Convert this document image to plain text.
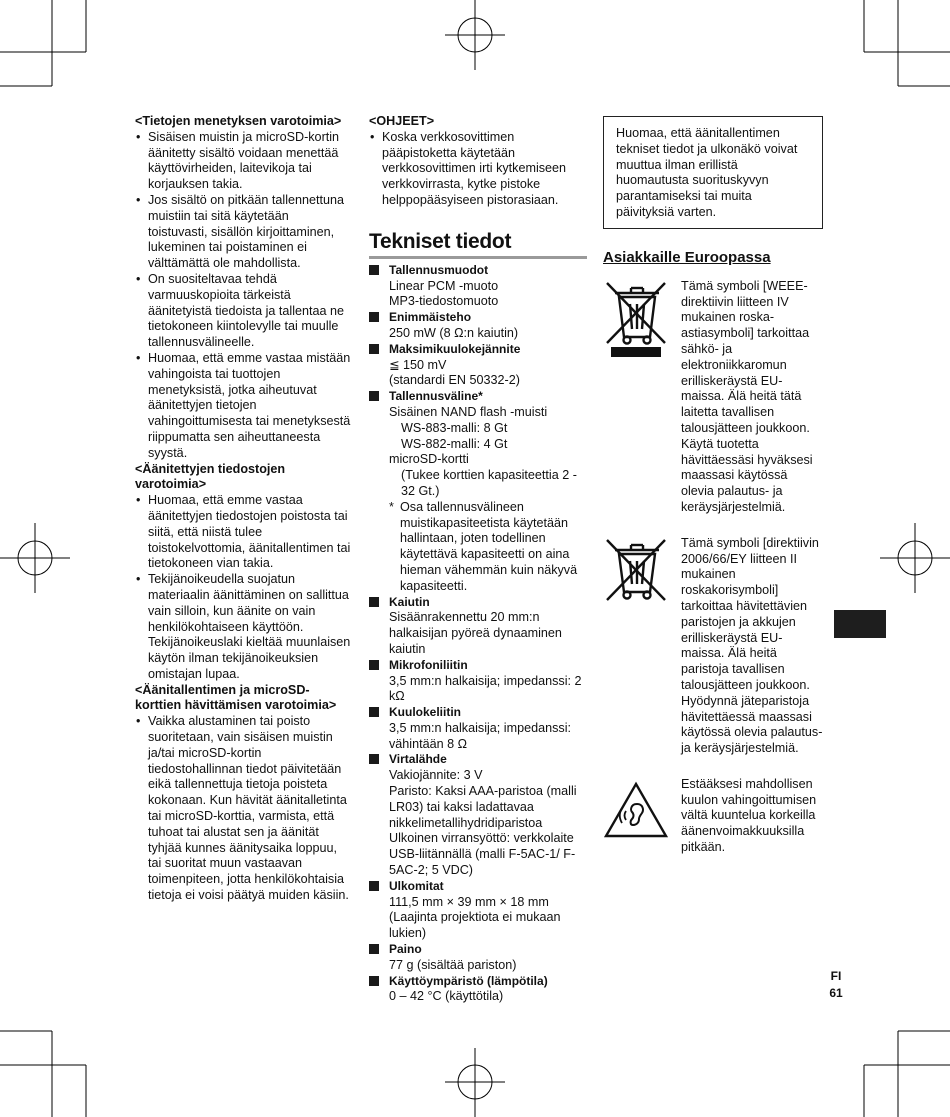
<Tietojen menetyksen varotoimia>
• Sisäisen muistin ja microSD-kortin äänitetty sisältö voidaan menettää käyttövirheiden, laitevikoja tai korjauksen takia.
• Jos sisältö on pitkään tallennettuna muistiin tai sitä käytetään toistuvasti, sisällön kirjoittaminen, lukeminen tai poistaminen ei välttämättä ole mahdollista.
• On suositeltavaa tehdä varmuuskopioita tärkeistä äänitetyistä tiedoista ja tallentaa ne tietokoneen kiintolevylle tai muulle tallennusvälineelle.
• Huomaa, että emme vastaa mistään vahingoista tai tuottojen menetyksistä, jotka aiheutuvat äänitettyjen tietojen vahingoittumisesta tai menetyksestä riippumatta sen aiheuttaneesta syystä.
<Äänitettyjen tiedostojen varotoimia>
• Huomaa, että emme vastaa äänitettyjen tiedostojen poistosta tai siitä, että niistä tulee toistokelvottomia, äänitallentimen tai tietokoneen vian takia.
• Tekijänoikeudella suojatun materiaalin äänittäminen on sallittua vain silloin, kun äänite on vain henkilökohtaiseen käyttöön. Tekijänoikeuslaki kieltää muunlaisen käytön ilman tekijänoikeuksien omistajan lupaa.
<Äänitallentimen ja microSD-korttien hävittämisen varotoimia>
• Vaikka alustaminen tai poisto suoritetaan, vain sisäisen muistin ja/tai microSD-kortin tiedostohallinnan tiedot päivitetään eikä tallennettuja tietoja poisteta kokonaan. Kun hävität äänitalletinta tai microSD-korttia, varmista, että tuhoat tai alustat sen ja äänität tyhjää kunnes äänitysaika loppuu, tai suoritat muun vastaavan toimenpiteen, jotta henkilökohtaisia tietoja ei voisi päätyä muiden käsiin.
<OHJEET>
• Koska verkkosovittimen pääpistoketta käytetään verkkosovittimen irti kytkemiseen verkkovirrasta, kytke pistoke helppopääsyiseen pistorasiaan.
Tekniset tiedot
Tallennusmuodot
Linear PCM -muoto
MP3-tiedostomuoto
Enimmäisteho
250 mW (8 Ω:n kaiutin)
Maksimikuulokejännite
≦ 150 mV
(standardi EN 50332-2)
Tallennusväline*
Sisäinen NAND flash -muisti
WS-883-malli: 8 Gt
WS-882-malli: 4 Gt
microSD-kortti
(Tukee korttien kapasiteettia 2 - 32 Gt.)
* Osa tallennusvälineen muistikapasiteetista käytetään hallintaan, joten todellinen käytettävä kapasiteetti on aina hieman vähemmän kuin näkyvä kapasiteetti.
Kaiutin
Sisäänrakennettu 20 mm:n halkaisijan pyöreä dynaaminen kaiutin
Mikrofoniliitin
3,5 mm:n halkaisija; impedanssi: 2 kΩ
Kuulokeliitin
3,5 mm:n halkaisija; impedanssi: vähintään 8 Ω
Virtalähde
Vakiojännite: 3 V
Paristo: Kaksi AAA-paristoa (malli LR03) tai kaksi ladattavaa nikkelimetallihydridiparistoa
Ulkoinen virransyöttö: verkkolaite USB-liitännällä (malli F-5AC-1/ F-5AC-2; 5 VDC)
Ulkomitat
111,5 mm × 39 mm × 18 mm
(Laajinta projektiota ei mukaan lukien)
Paino
77 g (sisältää pariston)
Käyttöympäristö (lämpötila)
0 – 42 °C (käyttötila)
Huomaa, että äänitallentimen tekniset tiedot ja ulkonäkö voivat muuttua ilman erillistä huomautusta suorituskyvyn parantamiseksi tai muita päivityksiä varten.
Asiakkaille Euroopassa
Tämä symboli [WEEE-direktiivin liitteen IV mukainen roska-astiasymboli] tarkoittaa sähkö- ja elektroniikkaromun erilliskeräystä EU-maissa. Älä heitä tätä laitetta tavallisen talousjätteen joukkoon. Käytä tuotetta hävittäessäsi hyväksesi maassasi käytössä olevia palautus- ja keräysjärjestelmiä.
Tämä symboli [direktiivin 2006/66/EY liitteen II mukainen roskakorisymboli] tarkoittaa hävitettävien paristojen ja akkujen erilliskeräystä EU-maissa. Älä heitä paristoja tavallisen talousjätteen joukkoon. Hyödynnä jäteparistoja hävitettäessä maassasi käytössä olevia palautus- ja keräysjärjestelmiä.
Estääksesi mahdollisen kuulon vahingoittumisen vältä kuuntelua korkeilla äänenvoimakkuuksilla pitkään.
FI
61
